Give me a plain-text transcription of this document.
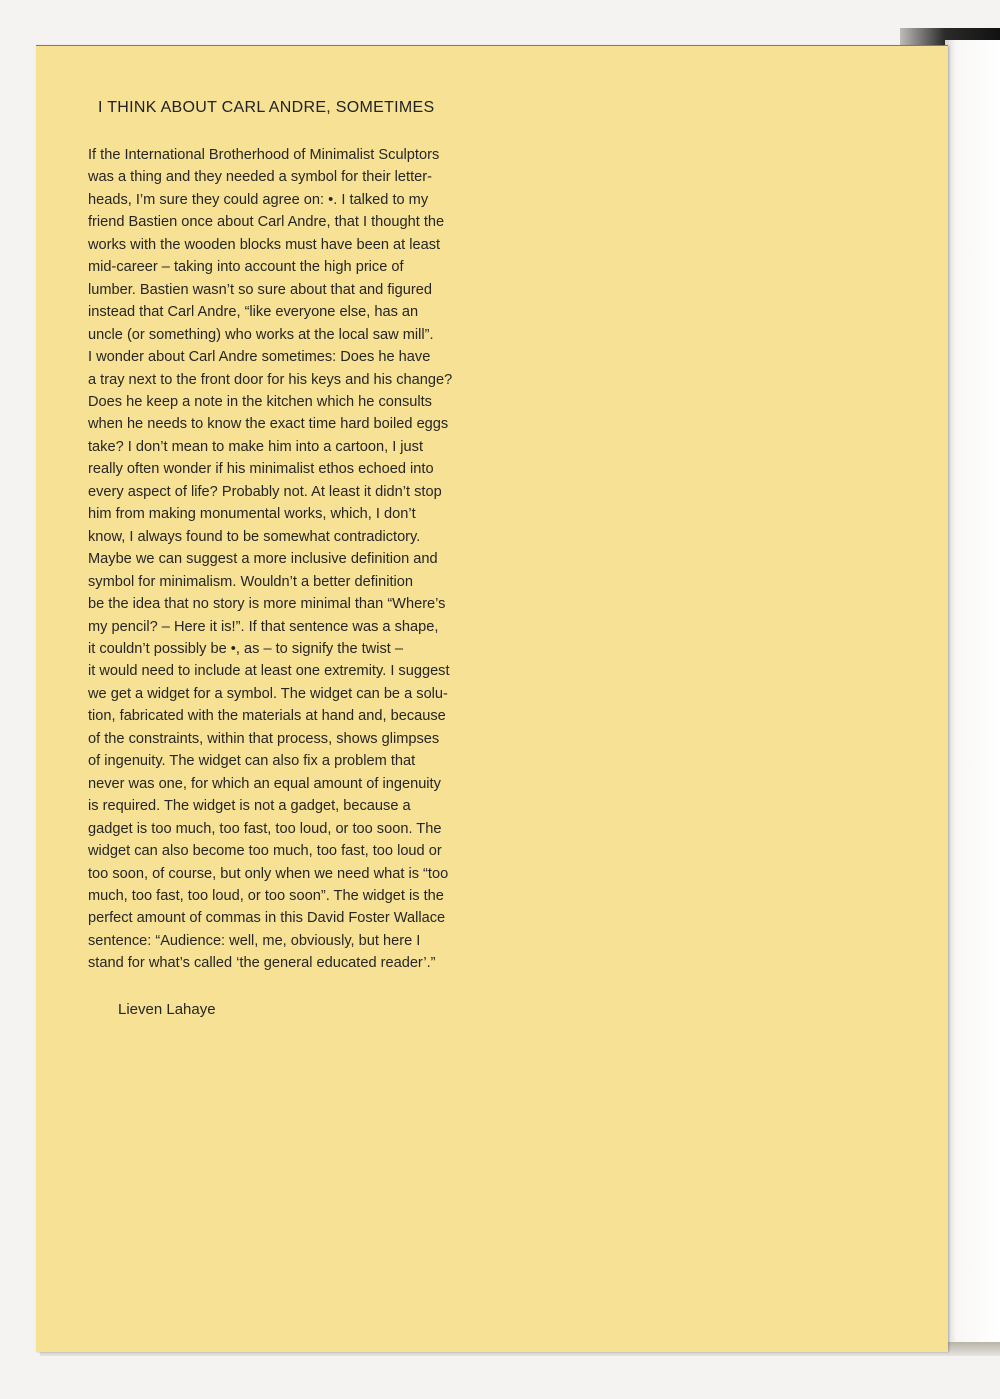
I THINK ABOUT CARL ANDRE, SOMETIMES
If the International Brotherhood of Minimalist Sculptors
was a thing and they needed a symbol for their letter-
heads, I’m sure they could agree on: •. I talked to my
friend Bastien once about Carl Andre, that I thought the
works with the wooden blocks must have been at least
mid-career – taking into account the high price of
lumber. Bastien wasn’t so sure about that and figured
instead that Carl Andre, “like everyone else, has an
uncle (or something) who works at the local saw mill”.
I wonder about Carl Andre sometimes: Does he have
a tray next to the front door for his keys and his change?
Does he keep a note in the kitchen which he consults
when he needs to know the exact time hard boiled eggs
take? I don’t mean to make him into a cartoon, I just
really often wonder if his minimalist ethos echoed into
every aspect of life? Probably not. At least it didn’t stop
him from making monumental works, which, I don’t
know, I always found to be somewhat contradictory.
Maybe we can suggest a more inclusive definition and
symbol for minimalism. Wouldn’t a better definition
be the idea that no story is more minimal than “Where’s
my pencil? – Here it is!”. If that sentence was a shape,
it couldn’t possibly be •, as – to signify the twist –
it would need to include at least one extremity. I suggest
we get a widget for a symbol. The widget can be a solu-
tion, fabricated with the materials at hand and, because
of the constraints, within that process, shows glimpses
of ingenuity. The widget can also fix a problem that
never was one, for which an equal amount of ingenuity
is required. The widget is not a gadget, because a
gadget is too much, too fast, too loud, or too soon. The
widget can also become too much, too fast, too loud or
too soon, of course, but only when we need what is “too
much, too fast, too loud, or too soon”. The widget is the
perfect amount of commas in this David Foster Wallace
sentence: “Audience: well, me, obviously, but here I
stand for what’s called ‘the general educated reader’.”
Lieven Lahaye
